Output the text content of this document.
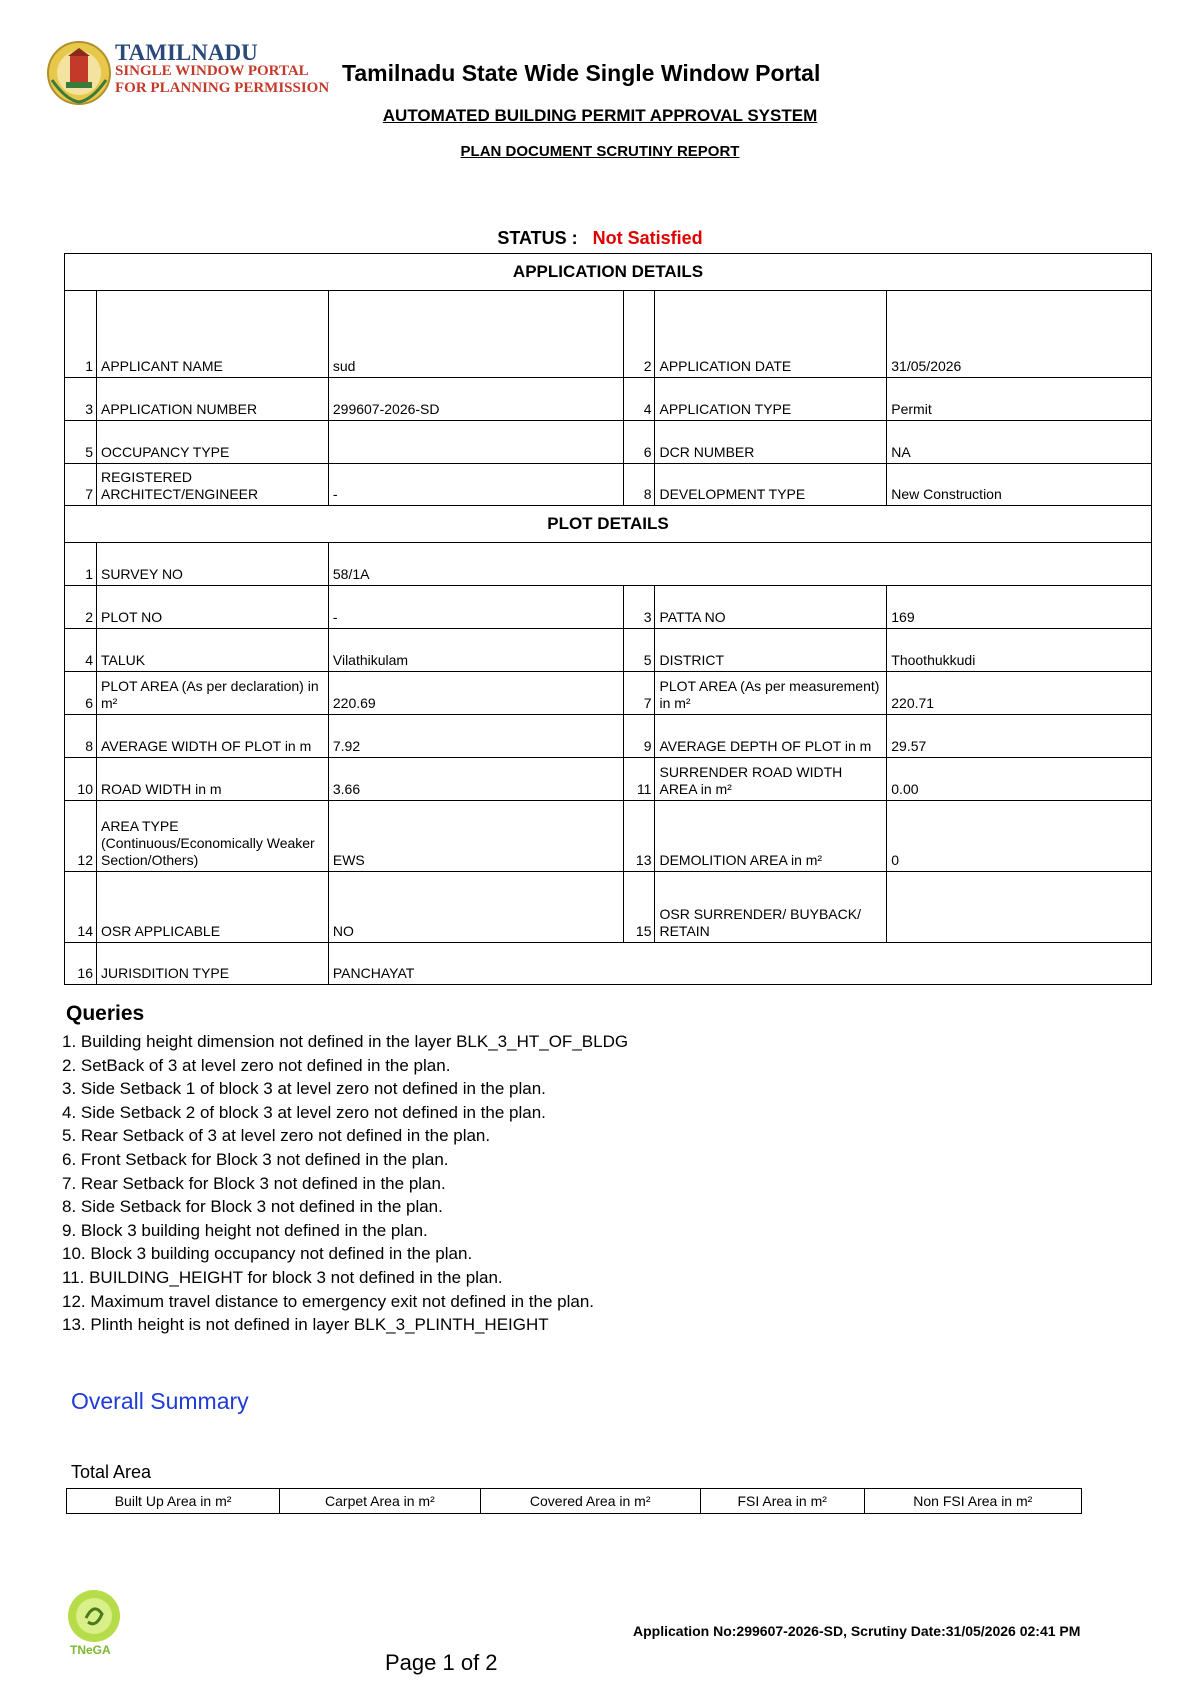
TAMILNADU
SINGLE WINDOW PORTAL
FOR PLANNING PERMISSION
Tamilnadu State Wide Single Window Portal
AUTOMATED BUILDING PERMIT APPROVAL SYSTEM
PLAN DOCUMENT SCRUTINY REPORT
STATUS : Not Satisfied
APPLICATION DETAILS					
1	APPLICANT NAME	sud	2	APPLICATION DATE	31/05/2026
3	APPLICATION NUMBER	299607-2026-SD	4	APPLICATION TYPE	Permit
5	OCCUPANCY TYPE		6	DCR NUMBER	NA
7	REGISTERED ARCHITECT/ENGINEER	-	8	DEVELOPMENT TYPE	New Construction
PLOT DETAILS					
1	SURVEY NO	58/1A			
2	PLOT NO	-	3	PATTA NO	169
4	TALUK	Vilathikulam	5	DISTRICT	Thoothukkudi
6	PLOT AREA (As per declaration) in m²	220.69	7	PLOT AREA (As per measurement) in m²	220.71
8	AVERAGE WIDTH OF PLOT in m	7.92	9	AVERAGE DEPTH OF PLOT in m	29.57
10	ROAD WIDTH in m	3.66	11	SURRENDER ROAD WIDTH AREA in m²	0.00
12	AREA TYPE (Continuous/Economically Weaker Section/Others)	EWS	13	DEMOLITION AREA in m²	0
14	OSR APPLICABLE	NO	15	OSR SURRENDER/ BUYBACK/ RETAIN	
16	JURISDITION TYPE	PANCHAYAT			
Queries
1. Building height dimension not defined in the layer BLK_3_HT_OF_BLDG
2. SetBack of 3 at level zero not defined in the plan.
3. Side Setback 1 of block 3 at level zero not defined in the plan.
4. Side Setback 2 of block 3 at level zero not defined in the plan.
5. Rear Setback of 3 at level zero not defined in the plan.
6. Front Setback for Block 3 not defined in the plan.
7. Rear Setback for Block 3 not defined in the plan.
8. Side Setback for Block 3 not defined in the plan.
9. Block 3 building height not defined in the plan.
10. Block 3 building occupancy not defined in the plan.
11. BUILDING_HEIGHT for block 3 not defined in the plan.
12. Maximum travel distance to emergency exit not defined in the plan.
13. Plinth height is not defined in layer BLK_3_PLINTH_HEIGHT
Overall Summary
Total Area
Built Up Area in m²	Carpet Area in m²	Covered Area in m²	FSI Area in m²	Non FSI Area in m²
TNeGA
Application No:299607-2026-SD, Scrutiny Date:31/05/2026 02:41 PM
Page 1 of 2
